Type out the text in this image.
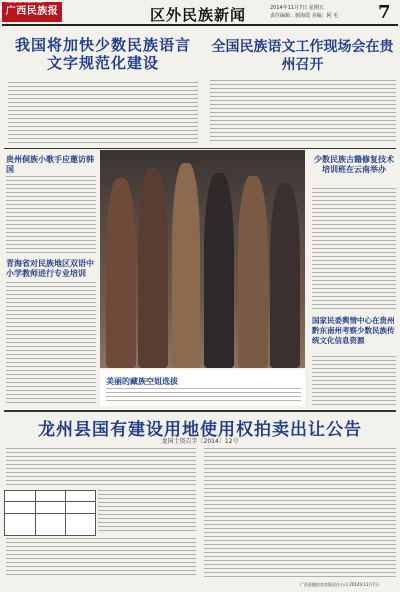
广西民族报
GUANGXI MINZU BAO
区外民族新闻	2014年11月7日 星期五
责任编辑：谢海霞 美编：阿 毛	7
我国将加快少数民族语言文字规范化建设
全国民族语文工作现场会在贵州召开
贵州侗族小歌手应邀访韩国
青海省对民族地区双语中小学教师进行专业培训
美丽的藏族空姐选拔
少数民族古籍修复技术培训班在云南举办
国家民委舆情中心在贵州黔东南州考察少数民族传统文化信息资源
龙州县国有建设用地使用权拍卖出让公告
龙国土资告字〔2014〕12号
广西金楹拍卖有限责任公司 2014年11月7日
